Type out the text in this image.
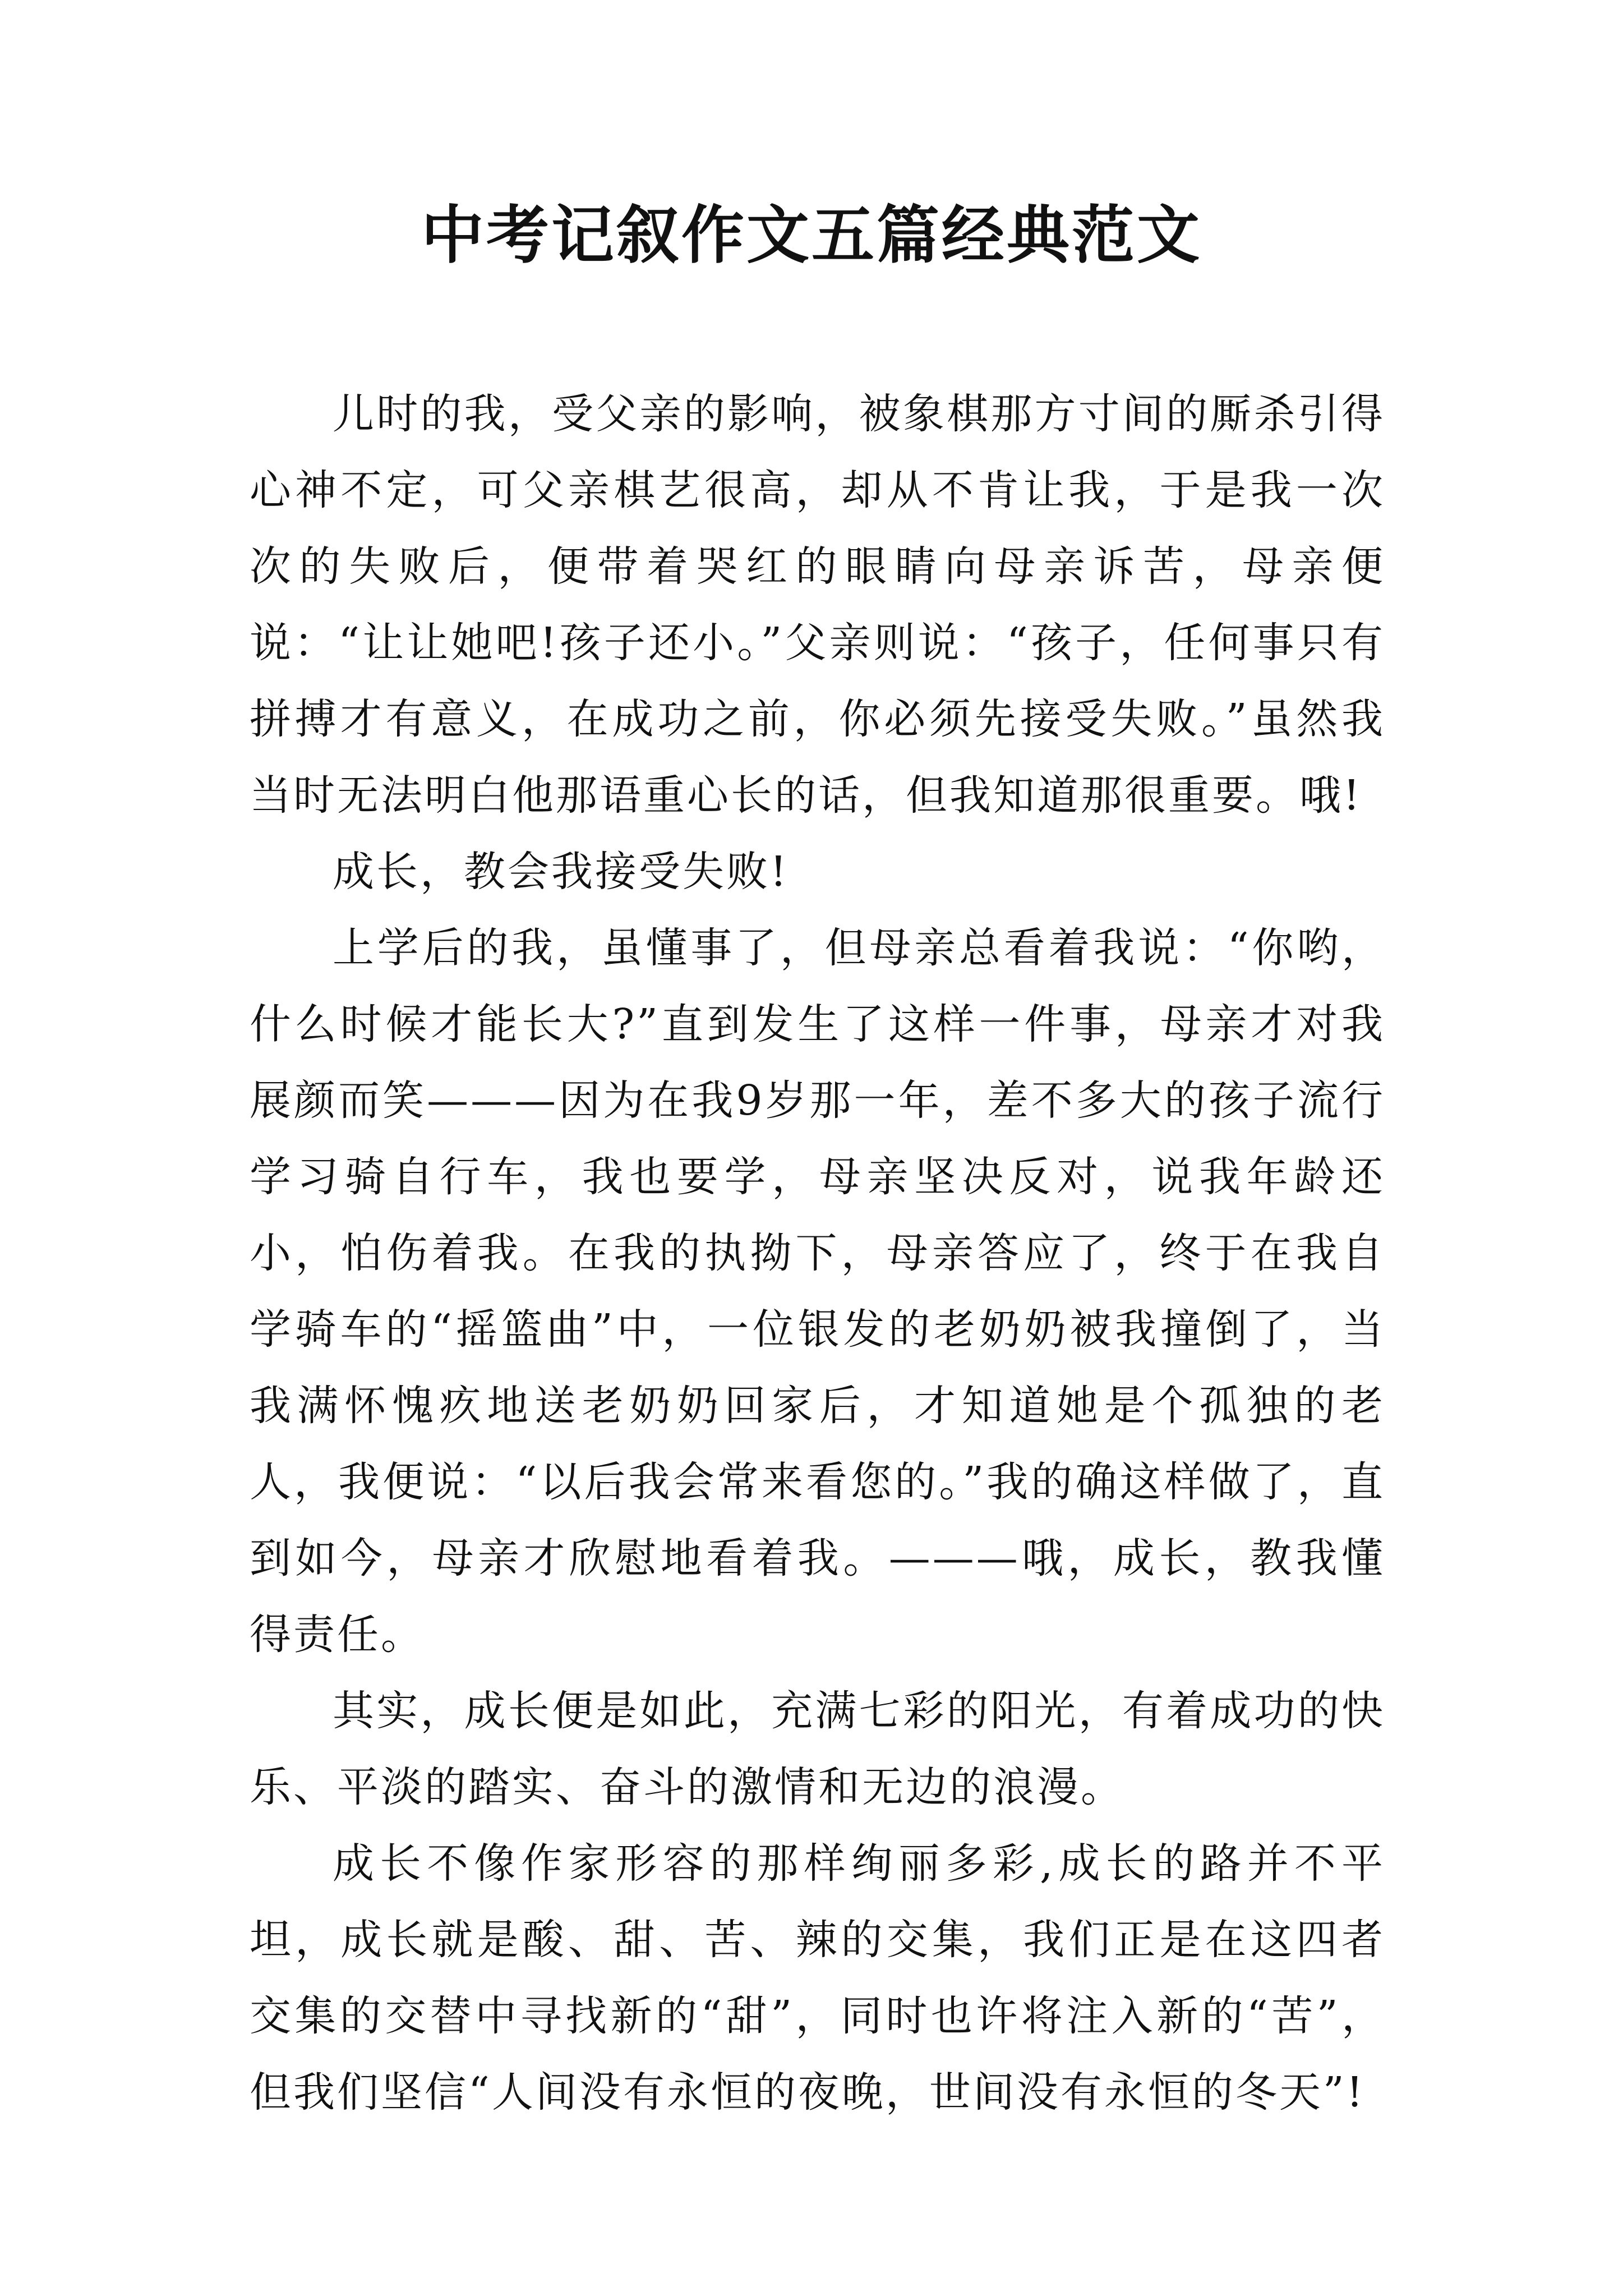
中考记叙作文五篇经典范文

儿时的我，受父亲的影响，被象棋那方寸间的厮杀引得心神不定，可父亲棋艺很高，却从不肯让我，于是我一次次的失败后，便带着哭红的眼睛向母亲诉苦，母亲便说：“让让她吧!孩子还小。”父亲则说：“孩子，任何事只有拼搏才有意义，在成功之前，你必须先接受失败。”虽然我当时无法明白他那语重心长的话，但我知道那很重要。哦!

成长，教会我接受失败!

上学后的我，虽懂事了，但母亲总看着我说：“你哟，什么时候才能长大?”直到发生了这样一件事，母亲才对我展颜而笑———因为在我9岁那一年，差不多大的孩子流行学习骑自行车，我也要学，母亲坚决反对，说我年龄还小，怕伤着我。在我的执拗下，母亲答应了，终于在我自学骑车的“摇篮曲”中，一位银发的老奶奶被我撞倒了，当我满怀愧疚地送老奶奶回家后，才知道她是个孤独的老人，我便说：“以后我会常来看您的。”我的确这样做了，直到如今，母亲才欣慰地看着我。———哦，成长，教我懂得责任。

其实，成长便是如此，充满七彩的阳光，有着成功的快乐、平淡的踏实、奋斗的激情和无边的浪漫。

成长不像作家形容的那样绚丽多彩,成长的路并不平坦，成长就是酸、甜、苦、辣的交集，我们正是在这四者交集的交替中寻找新的“甜”，同时也许将注入新的“苦”，但我们坚信“人间没有永恒的夜晚，世间没有永恒的冬天”!
